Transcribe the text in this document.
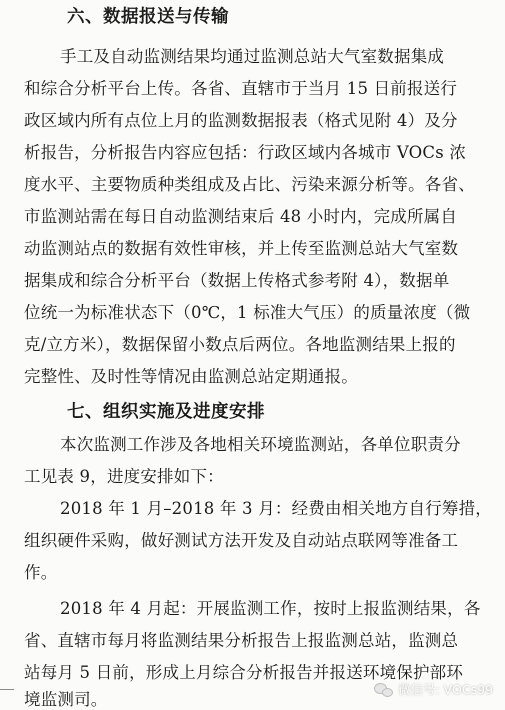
六、数据报送与传输
手工及自动监测结果均通过监测总站大气室数据集成
和综合分析平台上传。各省、直辖市于当月 15 日前报送行
政区域内所有点位上月的监测数据报表（格式见附 4）及分
析报告，分析报告内容应包括：行政区域内各城市 VOCs 浓
度水平、主要物质种类组成及占比、污染来源分析等。各省、
市监测站需在每日自动监测结束后 48 小时内，完成所属自
动监测站点的数据有效性审核，并上传至监测总站大气室数
据集成和综合分析平台（数据上传格式参考附 4），数据单
位统一为标准状态下（0℃，1 标准大气压）的质量浓度（微
克/立方米），数据保留小数点后两位。各地监测结果上报的
完整性、及时性等情况由监测总站定期通报。
七、组织实施及进度安排
本次监测工作涉及各地相关环境监测站，各单位职责分
工见表 9，进度安排如下：
2018 年 1 月–2018 年 3 月：经费由相关地方自行筹措，
组织硬件采购，做好测试方法开发及自动站点联网等准备工
作。
2018 年 4 月起：开展监测工作，按时上报监测结果，各
省、直辖市每月将监测结果分析报告上报监测总站，监测总
站每月 5 日前，形成上月综合分析报告并报送环境保护部环
境监测司。
微信号: VOCs99
